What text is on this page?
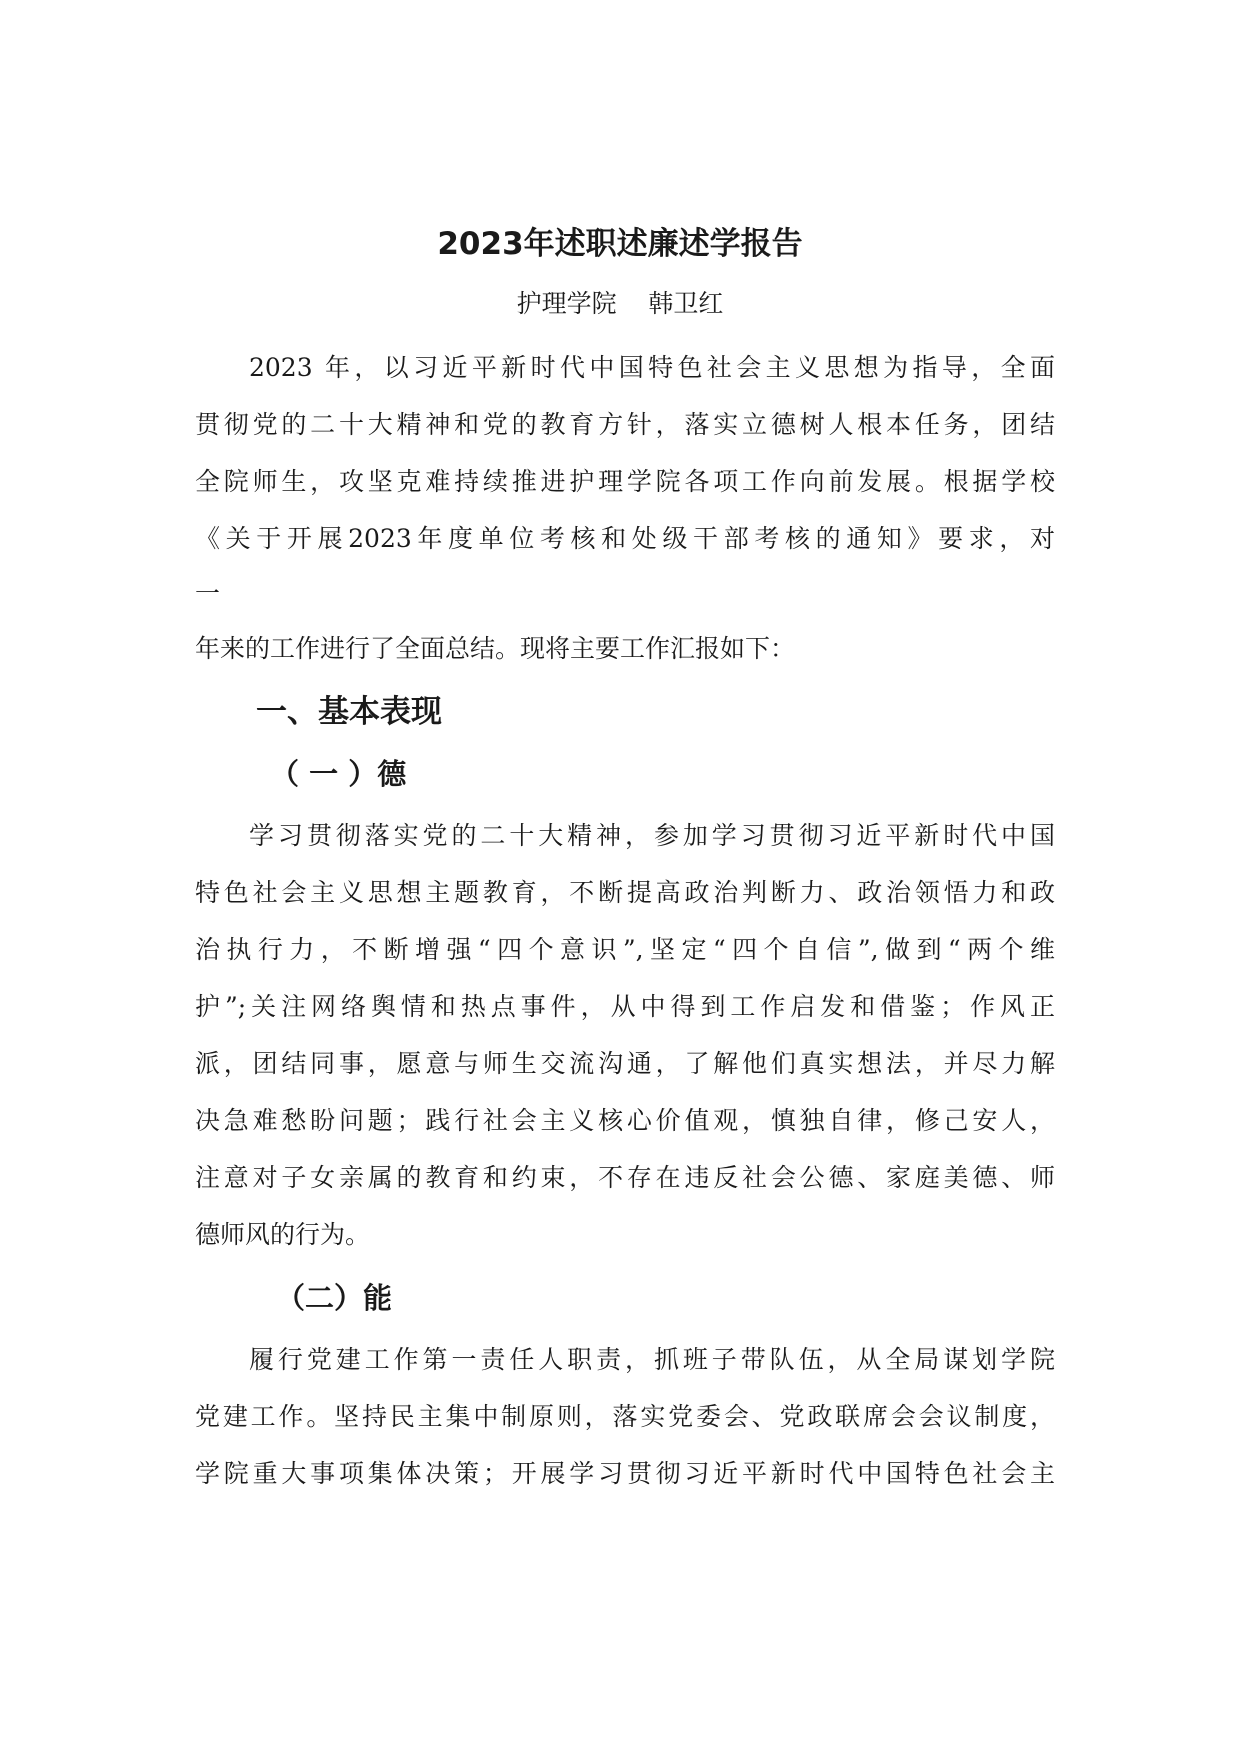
2023年述职述廉述学报告

护理学院    韩卫红

2023 年，以习近平新时代中国特色社会主义思想为指导，全面

贯彻党的二十大精神和党的教育方针，落实立德树人根本任务，团结

全院师生，攻坚克难持续推进护理学院各项工作向前发展。根据学校

《关于开展2023年度单位考核和处级干部考核的通知》要求，对

一

年来的工作进行了全面总结。现将主要工作汇报如下：

一、基本表现
（ 一 ）德

学习贯彻落实党的二十大精神，参加学习贯彻习近平新时代中国

特色社会主义思想主题教育，不断提高政治判断力、政治领悟力和政

治执行力，不断增强“四个意识”,坚定“四个自信”,做到“两个维

护”;关注网络舆情和热点事件，从中得到工作启发和借鉴；作风正

派，团结同事，愿意与师生交流沟通，了解他们真实想法，并尽力解

决急难愁盼问题；践行社会主义核心价值观，慎独自律，修己安人，

注意对子女亲属的教育和约束，不存在违反社会公德、家庭美德、师

德师风的行为。

（二）能

履行党建工作第一责任人职责，抓班子带队伍，从全局谋划学院

党建工作。坚持民主集中制原则，落实党委会、党政联席会会议制度，

学院重大事项集体决策；开展学习贯彻习近平新时代中国特色社会主
